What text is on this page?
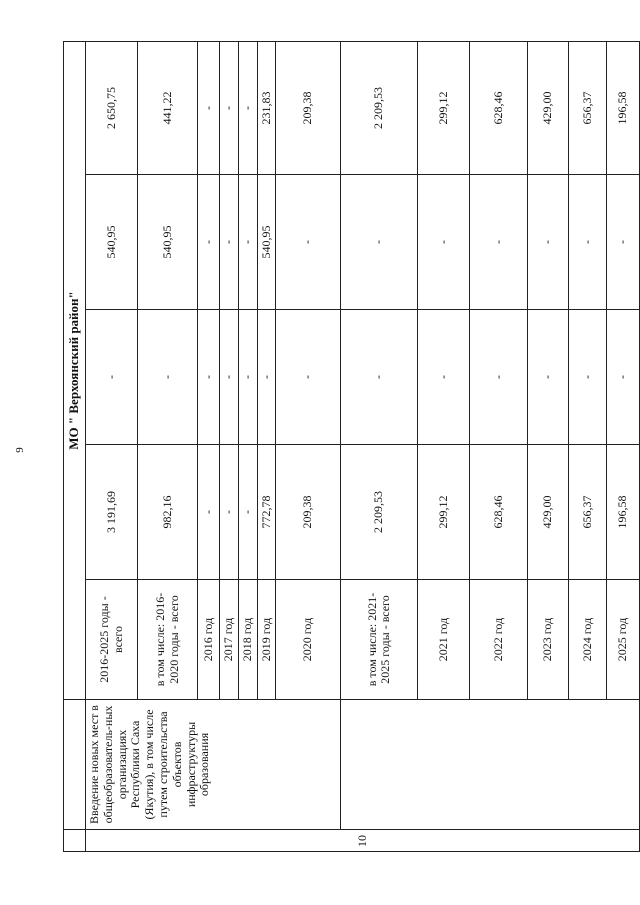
9
		МО " Верхоянский район"				
10	Введение новых мест в общеобразователь-ных организациях Республики Саха (Якутия), в том числе путем строительства объектов инфраструктуры образования	2016-2025 годы - всего	3 191,69	-	540,95	2 650,75
		в том числе: 2016-2020 годы - всего	982,16	-	540,95	441,22
		2016 год	-	-	-	-
		2017 год	-	-	-	-
		2018 год	-	-	-	-
		2019 год	772,78	-	540,95	231,83
		2020 год	209,38	-	-	209,38
		в том числе: 2021-2025 годы - всего	2 209,53	-	-	2 209,53
		2021 год	299,12	-	-	299,12
		2022 год	628,46	-	-	628,46
		2023 год	429,00	-	-	429,00
		2024 год	656,37	-	-	656,37
		2025 год	196,58	-	-	196,58
